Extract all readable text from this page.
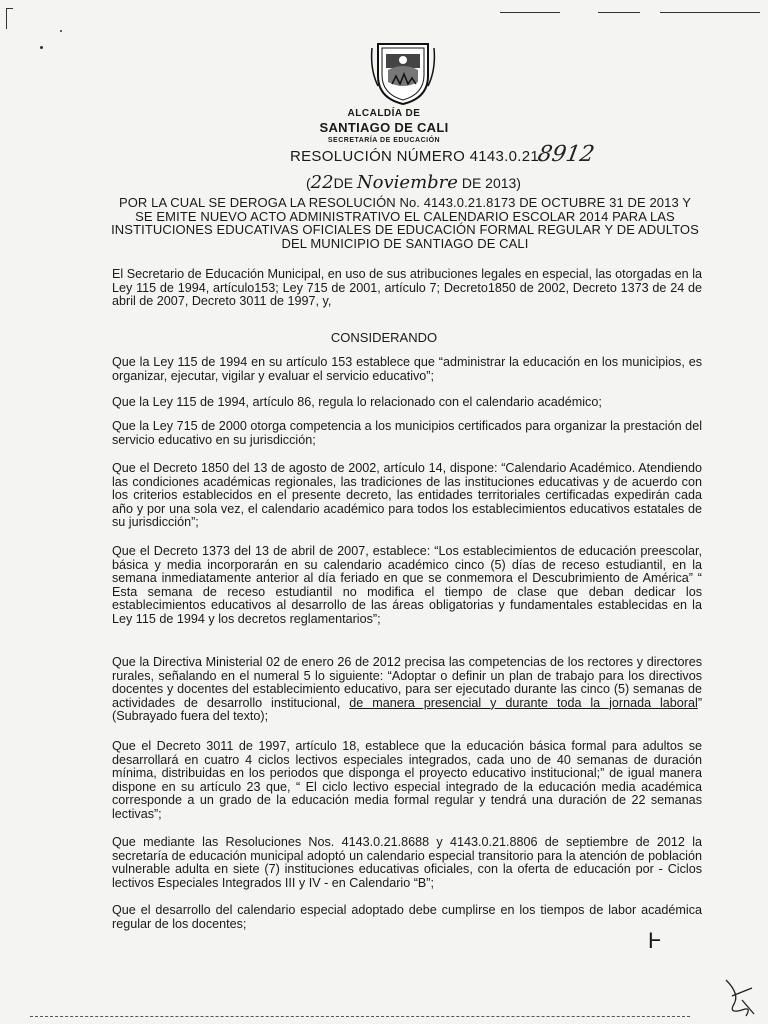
ALCALDÍA DE
SANTIAGO DE CALI
SECRETARÍA DE EDUCACIÓN
RESOLUCIÓN NÚMERO 4143.0.21.
8912
(22DE Noviembre DE 2013)
POR LA CUAL SE DEROGA LA RESOLUCIÓN No. 4143.0.21.8173 DE OCTUBRE 31 DE 2013 Y SE EMITE NUEVO ACTO ADMINISTRATIVO EL CALENDARIO ESCOLAR 2014 PARA LAS INSTITUCIONES EDUCATIVAS OFICIALES DE EDUCACIÓN FORMAL REGULAR Y DE ADULTOS DEL MUNICIPIO DE SANTIAGO DE CALI
El Secretario de Educación Municipal, en uso de sus atribuciones legales en especial, las otorgadas en la Ley 115 de 1994, artículo153; Ley 715 de 2001, artículo 7; Decreto1850 de 2002, Decreto 1373 de 24 de abril de 2007, Decreto 3011 de 1997, y,
CONSIDERANDO
Que la Ley 115 de 1994 en su artículo 153 establece que “administrar la educación en los municipios, es organizar, ejecutar, vigilar y evaluar el servicio educativo”;
Que la Ley 115 de 1994, artículo 86, regula lo relacionado con el calendario académico;
Que la Ley 715 de 2000 otorga competencia a los municipios certificados para organizar la prestación del servicio educativo en su jurisdicción;
Que el Decreto 1850 del 13 de agosto de 2002, artículo 14, dispone: “Calendario Académico. Atendiendo las condiciones académicas regionales, las tradiciones de las instituciones educativas y de acuerdo con los criterios establecidos en el presente decreto, las entidades territoriales certificadas expedirán cada año y por una sola vez, el calendario académico para todos los establecimientos educativos estatales de su jurisdicción”;
Que el Decreto 1373 del 13 de abril de 2007, establece: “Los establecimientos de educación preescolar, básica y media incorporarán en su calendario académico cinco (5) días de receso estudiantil, en la semana inmediatamente anterior al día feriado en que se conmemora el Descubrimiento de América” “ Esta semana de receso estudiantil no modifica el tiempo de clase que deban dedicar los establecimientos educativos al desarrollo de las áreas obligatorias y fundamentales establecidas en la Ley 115 de 1994 y los decretos reglamentarios”;
Que la Directiva Ministerial 02 de enero 26 de 2012 precisa las competencias de los rectores y directores rurales, señalando en el numeral 5 lo siguiente: “Adoptar o definir un plan de trabajo para los directivos docentes y docentes del establecimiento educativo, para ser ejecutado durante las cinco (5) semanas de actividades de desarrollo institucional, de manera presencial y durante toda la jornada laboral” (Subrayado fuera del texto);
Que el Decreto 3011 de 1997, artículo 18, establece que la educación básica formal para adultos se desarrollará en cuatro 4 ciclos lectivos especiales integrados, cada uno de 40 semanas de duración mínima, distribuidas en los periodos que disponga el proyecto educativo institucional;” de igual manera dispone en su artículo 23 que, “ El ciclo lectivo especial integrado de la educación media académica corresponde a un grado de la educación media formal regular y tendrá una duración de 22 semanas lectivas”;
Que mediante las Resoluciones Nos. 4143.0.21.8688 y 4143.0.21.8806 de septiembre de 2012 la secretaría de educación municipal adoptó un calendario especial transitorio para la atención de población vulnerable adulta en siete (7) instituciones educativas oficiales, con la oferta de educación por - Ciclos lectivos Especiales Integrados III y IV - en Calendario “B”;
Que el desarrollo del calendario especial adoptado debe cumplirse en los tiempos de labor académica regular de los docentes;
Ⱶ
